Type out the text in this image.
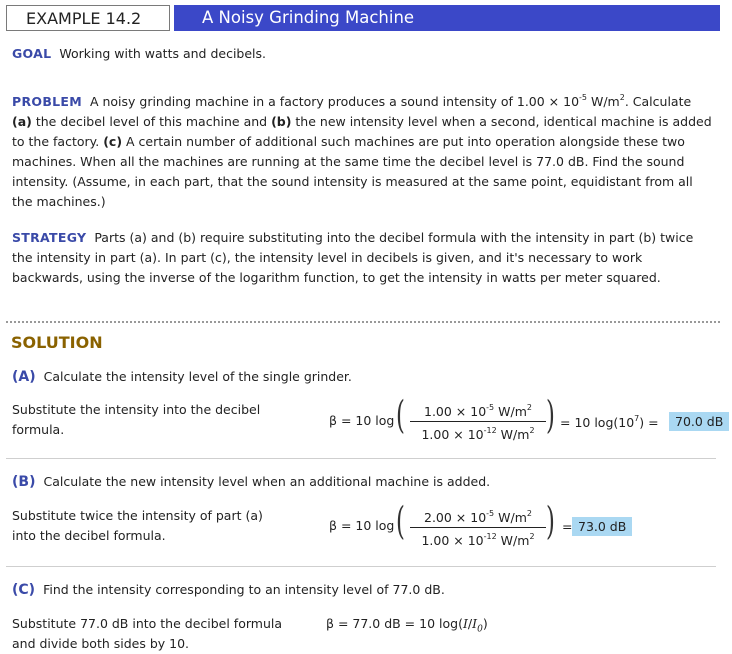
EXAMPLE 14.2	A Noisy Grinding Machine

GOAL Working with watts and decibels.

PROBLEM A noisy grinding machine in a factory produces a sound intensity of $1.00 \times 10^{-5}$ $W/m^2$. Calculate (a) the decibel level of this machine and (b) the new intensity level when a second, identical machine is added to the factory. (c) A certain number of additional such machines are put into operation alongside these two machines. When all the machines are running at the same time the decibel level is 77.0 dB. Find the sound intensity. (Assume, in each part, that the sound intensity is measured at the same point, equidistant from all the machines.)

STRATEGY Parts (a) and (b) require substituting into the decibel formula with the intensity in part (b) twice the intensity in part (a). In part (c), the intensity level in decibels is given, and it's necessary to work backwards, using the inverse of the logarithm function, to get the intensity in watts per meter squared.

SOLUTION
(A) Calculate the intensity level of the single grinder.
Substitute the intensity into the decibel formula.
β = 10 log (	$1.00 \times 10^{-5}$ $W/m^2$
$1.00 \times 10^{-12}$ $W/m^2$ ) = 10 $\log(10^7)$ =	70.0 dB
(B) Calculate the new intensity level when an additional machine is added.
Substitute twice the intensity of part (a) into the decibel formula.
β = 10 log (	$2.00 \times 10^{-5}$ $W/m^2$
$1.00 \times 10^{-12}$ $W/m^2$ ) = 73.0 dB
(C) Find the intensity corresponding to an intensity level of 77.0 dB.
Substitute 77.0 dB into the decibel formula and divide both sides by 10.
β = 77.0 dB = 10 $\log(I/I_0)$
